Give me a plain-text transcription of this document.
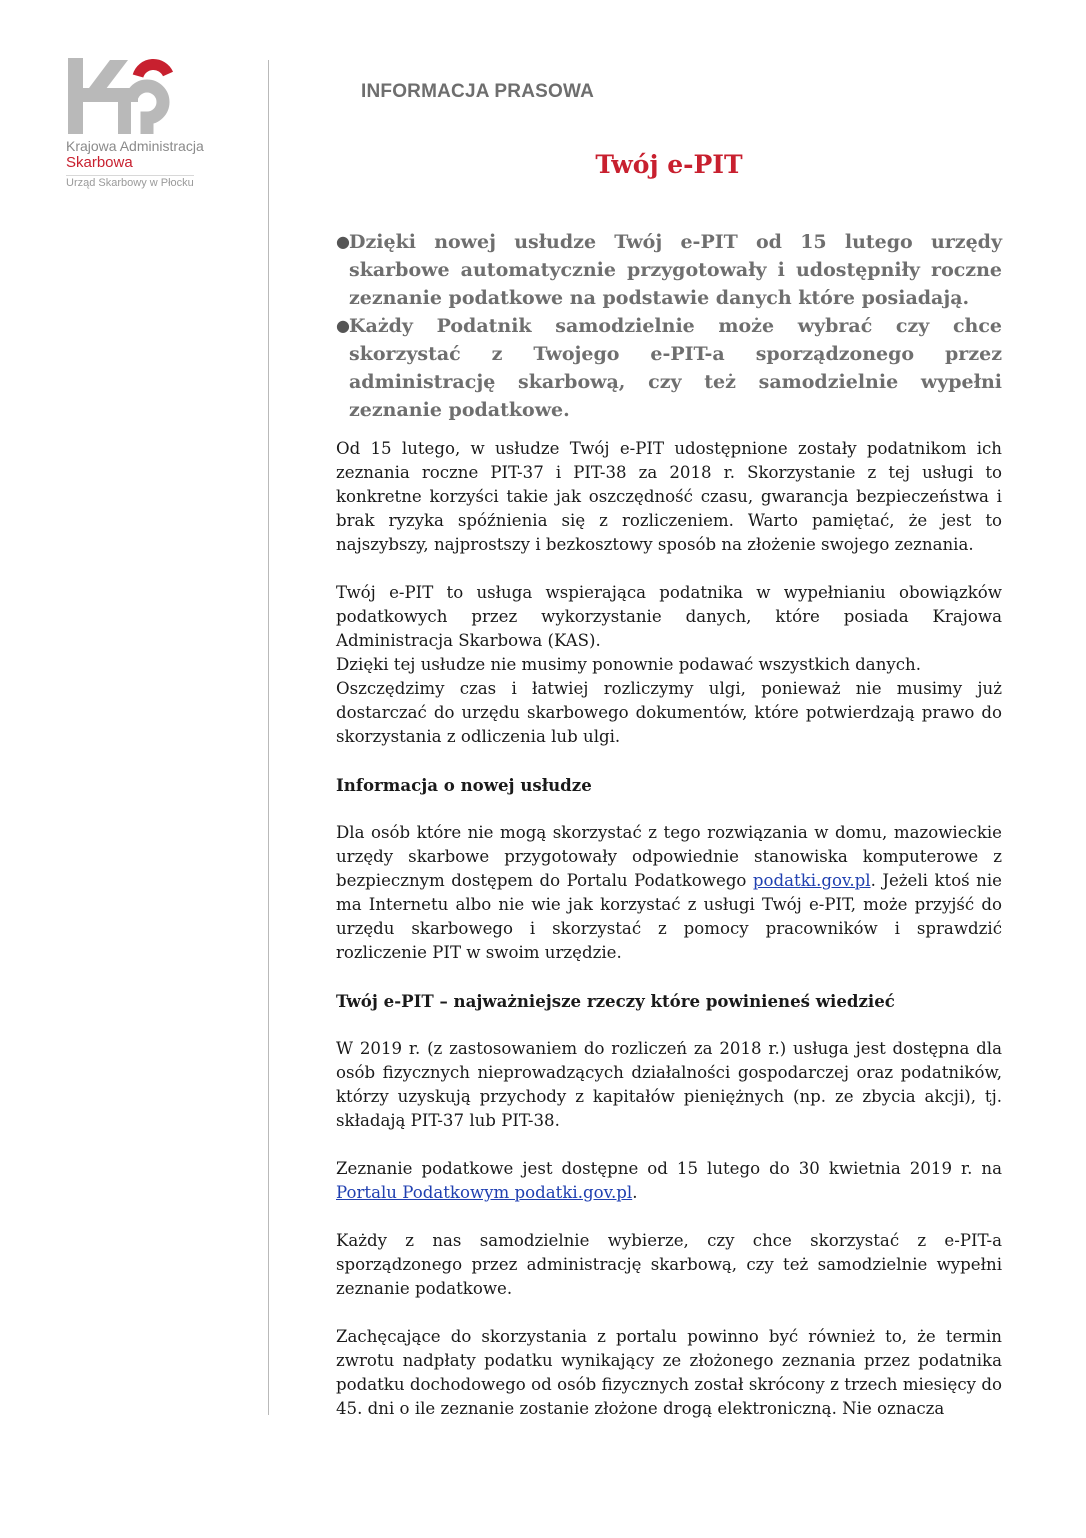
Krajowa Administracja
Skarbowa
Urząd Skarbowy w Płocku
INFORMACJA PRASOWA
Twój e-PIT
● Dzięki nowej usłudze Twój e-PIT od 15 lutego urzędy skarbowe automatycznie przygotowały i udostępniły roczne zeznanie podatkowe na podstawie danych które posiadają.
● Każdy Podatnik samodzielnie może wybrać czy chce skorzystać z Twojego e-PIT-a sporządzonego przez administrację skarbową, czy też samodzielnie wypełni zeznanie podatkowe.

Od 15 lutego, w usłudze Twój e-PIT udostępnione zostały podatnikom ich zeznania roczne PIT-37 i PIT-38 za 2018 r. Skorzystanie z tej usługi to konkretne korzyści takie jak oszczędność czasu, gwarancja bezpieczeństwa i brak ryzyka spóźnienia się z rozliczeniem. Warto pamiętać, że jest to najszybszy, najprostszy i bezkosztowy sposób na złożenie swojego zeznania.

Twój e-PIT to usługa wspierająca podatnika w wypełnianiu obowiązków podatkowych przez wykorzystanie danych, które posiada Krajowa Administracja Skarbowa (KAS).

Dzięki tej usłudze nie musimy ponownie podawać wszystkich danych.

Oszczędzimy czas i łatwiej rozliczymy ulgi, ponieważ nie musimy już dostarczać do urzędu skarbowego dokumentów, które potwierdzają prawo do skorzystania z odliczenia lub ulgi.

Informacja o nowej usłudze

Dla osób które nie mogą skorzystać z tego rozwiązania w domu, mazowieckie urzędy skarbowe przygotowały odpowiednie stanowiska komputerowe z bezpiecznym dostępem do Portalu Podatkowego podatki.gov.pl. Jeżeli ktoś nie ma Internetu albo nie wie jak korzystać z usługi Twój e-PIT, może przyjść do urzędu skarbowego i skorzystać z pomocy pracowników i sprawdzić rozliczenie PIT w swoim urzędzie.

Twój e-PIT – najważniejsze rzeczy które powinieneś wiedzieć

W 2019 r. (z zastosowaniem do rozliczeń za 2018 r.) usługa jest dostępna dla osób fizycznych nieprowadzących działalności gospodarczej oraz podatników, którzy uzyskują przychody z kapitałów pieniężnych (np. ze zbycia akcji), tj. składają PIT-37 lub PIT-38.

Zeznanie podatkowe jest dostępne od 15 lutego do 30 kwietnia 2019 r. na Portalu Podatkowym podatki.gov.pl.

Każdy z nas samodzielnie wybierze, czy chce skorzystać z e-PIT-a sporządzonego przez administrację skarbową, czy też samodzielnie wypełni zeznanie podatkowe.

Zachęcające do skorzystania z portalu powinno być również to, że termin zwrotu nadpłaty podatku wynikający ze złożonego zeznania przez podatnika podatku dochodowego od osób fizycznych został skrócony z trzech miesięcy do 45. dni o ile zeznanie zostanie złożone drogą elektroniczną. Nie oznacza
